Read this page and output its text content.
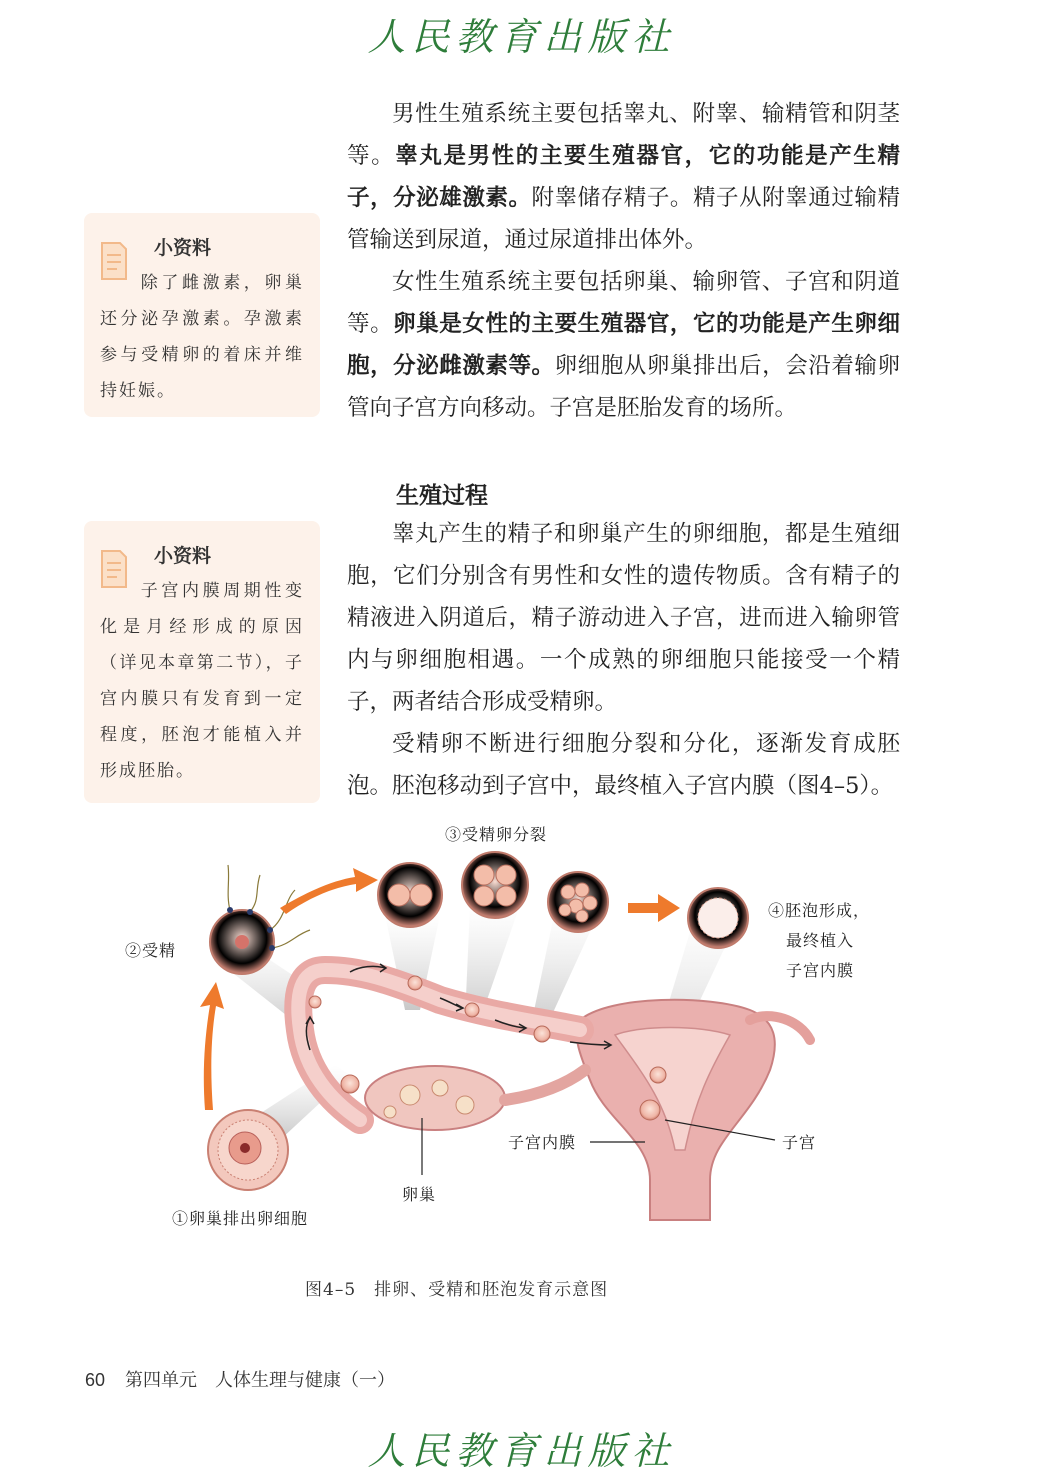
人民教育出版社

男性生殖系统主要包括睾丸、附睾、输精管和阴茎等。睾丸是男性的主要生殖器官，它的功能是产生精子，分泌雄激素。附睾储存精子。精子从附睾通过输精管输送到尿道，通过尿道排出体外。

女性生殖系统主要包括卵巢、输卵管、子宫和阴道等。卵巢是女性的主要生殖器官，它的功能是产生卵细胞，分泌雌激素等。卵细胞从卵巢排出后，会沿着输卵管向子宫方向移动。子宫是胚胎发育的场所。

生殖过程

睾丸产生的精子和卵巢产生的卵细胞，都是生殖细胞，它们分别含有男性和女性的遗传物质。含有精子的精液进入阴道后，精子游动进入子宫，进而进入输卵管内与卵细胞相遇。一个成熟的卵细胞只能接受一个精子，两者结合形成受精卵。

受精卵不断进行细胞分裂和分化，逐渐发育成胚泡。胚泡移动到子宫中，最终植入子宫内膜（图4–5）。

小资料

除了雌激素，卵巢还分泌孕激素。孕激素参与受精卵的着床并维持妊娠。

小资料

子宫内膜周期性变化是月经形成的原因（详见本章第二节），子宫内膜只有发育到一定程度，胚泡才能植入并形成胚胎。

③受精卵分裂
②受精
④胚泡形成，
最终植入
子宫内膜
子宫内膜	子宫
卵巢
①卵巢排出卵细胞
图4–5　排卵、受精和胚泡发育示意图
60 第四单元　人体生理与健康（一）
人民教育出版社
